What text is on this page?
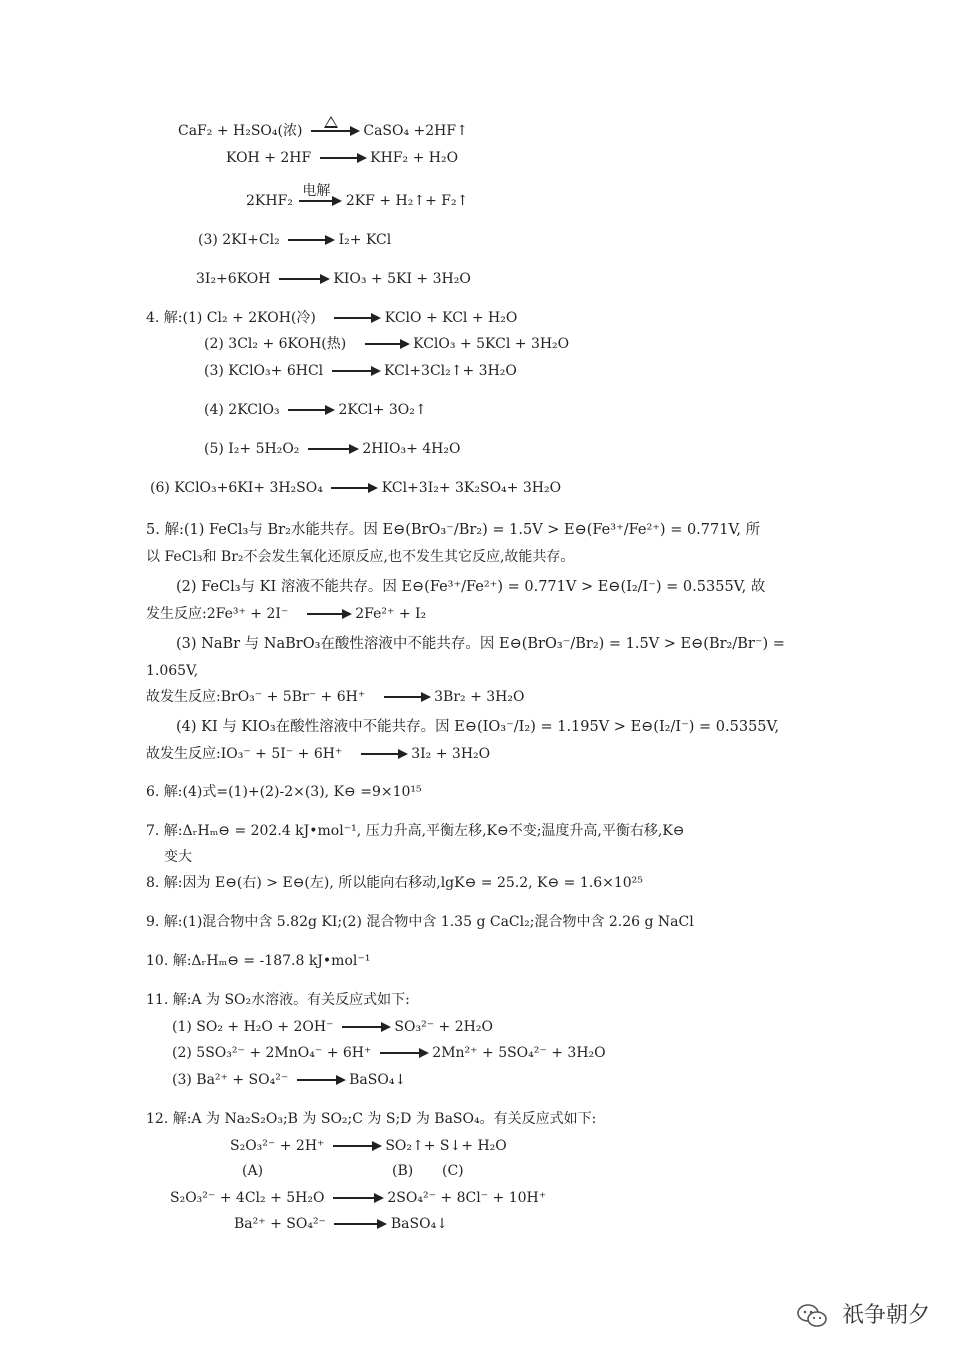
CaF₂ + H₂SO₄(浓)	CaSO₄ +2HF↑
KOH + 2HF → KHF₂ + H₂O
2KHF₂
电解
2KF + H₂↑+ F₂↑
(3) 2KI+Cl₂ → I₂+ KCl
3I₂+6KOH → KIO₃ + 5KI + 3H₂O
4. 解:(1) Cl₂ + 2KOH(冷) → KClO + KCl + H₂O
(2) 3Cl₂ + 6KOH(热) → KClO₃ + 5KCl + 3H₂O
(3) KClO₃+ 6HCl → KCl+3Cl₂↑+ 3H₂O
(4) 2KClO₃ → 2KCl+ 3O₂↑
(5) I₂+ 5H₂O₂ → 2HIO₃+ 4H₂O
(6) KClO₃+6KI+ 3H₂SO₄ → KCl+3I₂+ 3K₂SO₄+ 3H₂O
5. 解:(1) FeCl₃与 Br₂水能共存。因 E⊖(BrO₃⁻/Br₂) = 1.5V > E⊖(Fe³⁺/Fe²⁺) = 0.771V, 所
以 FeCl₃和 Br₂不会发生氧化还原反应,也不发生其它反应,故能共存。
(2) FeCl₃与 KI 溶液不能共存。因 E⊖(Fe³⁺/Fe²⁺) = 0.771V > E⊖(I₂/I⁻) = 0.5355V, 故
发生反应:2Fe³⁺ + 2I⁻ → 2Fe²⁺ + I₂
(3) NaBr 与 NaBrO₃在酸性溶液中不能共存。因 E⊖(BrO₃⁻/Br₂) = 1.5V > E⊖(Br₂/Br⁻) =
1.065V,
故发生反应:BrO₃⁻ + 5Br⁻ + 6H⁺ → 3Br₂ + 3H₂O
(4) KI 与 KIO₃在酸性溶液中不能共存。因 E⊖(IO₃⁻/I₂) = 1.195V > E⊖(I₂/I⁻) = 0.5355V,
故发生反应:IO₃⁻ + 5I⁻ + 6H⁺ → 3I₂ + 3H₂O
6. 解:(4)式=(1)+(2)-2×(3), K⊖ =9×10¹⁵
7. 解:ΔᵣHₘ⊖ = 202.4 kJ•mol⁻¹, 压力升高,平衡左移,K⊖不变;温度升高,平衡右移,K⊖
变大
8. 解:因为 E⊖(右) > E⊖(左), 所以能向右移动,lgK⊖ = 25.2, K⊖ = 1.6×10²⁵
9. 解:(1)混合物中含 5.82g KI;(2) 混合物中含 1.35 g CaCl₂;混合物中含 2.26 g NaCl
10. 解:ΔᵣHₘ⊖ = -187.8 kJ•mol⁻¹
11. 解:A 为 SO₂水溶液。有关反应式如下:
(1) SO₂ + H₂O + 2OH⁻ → SO₃²⁻ + 2H₂O
(2) 5SO₃²⁻ + 2MnO₄⁻ + 6H⁺ → 2Mn²⁺ + 5SO₄²⁻ + 3H₂O
(3) Ba²⁺ + SO₄²⁻ → BaSO₄↓
12. 解:A 为 Na₂S₂O₃;B 为 SO₂;C 为 S;D 为 BaSO₄。有关反应式如下:
S₂O₃²⁻ + 2H⁺ → SO₂↑+ S↓+ H₂O
(A)	(B) (C)
S₂O₃²⁻ + 4Cl₂ + 5H₂O → 2SO₄²⁻ + 8Cl⁻ + 10H⁺
Ba²⁺ + SO₄²⁻ → BaSO₄↓
祇争朝夕
